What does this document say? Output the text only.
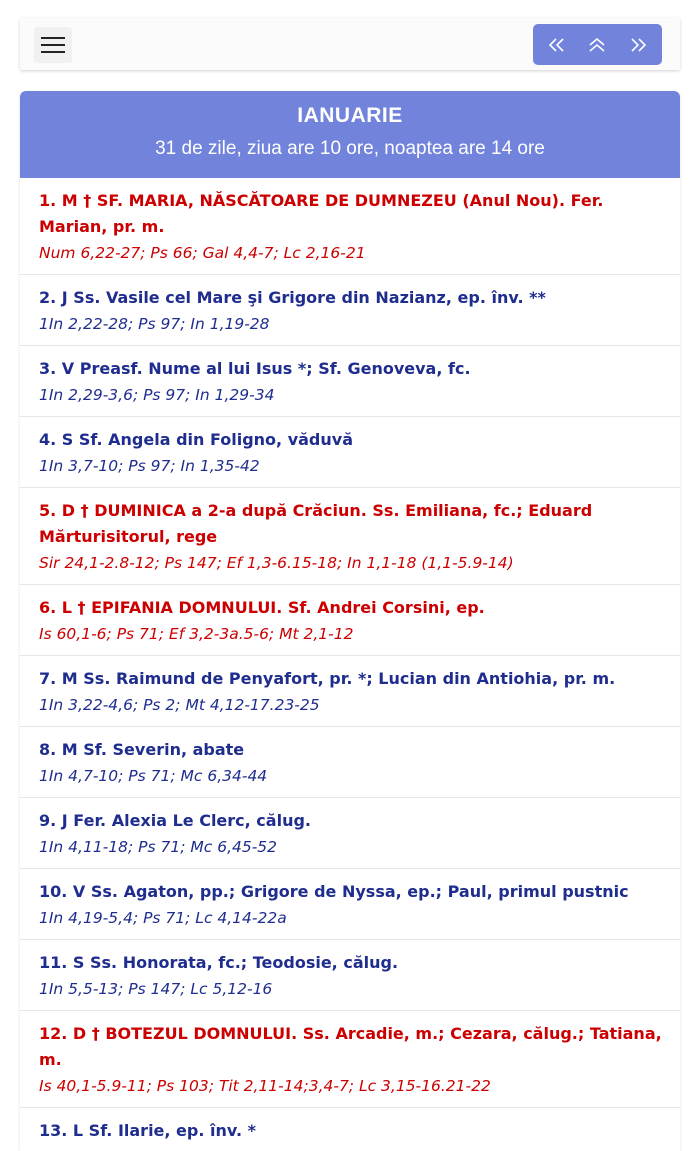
IANUARIE
31 de zile, ziua are 10 ore, noaptea are 14 ore
1. M † SF. MARIA, NĂSCĂTOARE DE DUMNEZEU (Anul Nou). Fer. Marian, pr. m.
Num 6,22-27; Ps 66; Gal 4,4-7; Lc 2,16-21
2. J Ss. Vasile cel Mare şi Grigore din Nazianz, ep. înv. **
1In 2,22-28; Ps 97; In 1,19-28
3. V Preasf. Nume al lui Isus *; Sf. Genoveva, fc.
1In 2,29-3,6; Ps 97; In 1,29-34
4. S Sf. Angela din Foligno, văduvă
1In 3,7-10; Ps 97; In 1,35-42
5. D † DUMINICA a 2-a după Crăciun. Ss. Emiliana, fc.; Eduard Mărturisitorul, rege
Sir 24,1-2.8-12; Ps 147; Ef 1,3-6.15-18; In 1,1-18 (1,1-5.9-14)
6. L † EPIFANIA DOMNULUI. Sf. Andrei Corsini, ep.
Is 60,1-6; Ps 71; Ef 3,2-3a.5-6; Mt 2,1-12
7. M Ss. Raimund de Penyafort, pr. *; Lucian din Antiohia, pr. m.
1In 3,22-4,6; Ps 2; Mt 4,12-17.23-25
8. M Sf. Severin, abate
1In 4,7-10; Ps 71; Mc 6,34-44
9. J Fer. Alexia Le Clerc, călug.
1In 4,11-18; Ps 71; Mc 6,45-52
10. V Ss. Agaton, pp.; Grigore de Nyssa, ep.; Paul, primul pustnic
1In 4,19-5,4; Ps 71; Lc 4,14-22a
11. S Ss. Honorata, fc.; Teodosie, călug.
1In 5,5-13; Ps 147; Lc 5,12-16
12. D † BOTEZUL DOMNULUI. Ss. Arcadie, m.; Cezara, călug.; Tatiana, m.
Is 40,1-5.9-11; Ps 103; Tit 2,11-14;3,4-7; Lc 3,15-16.21-22
13. L Sf. Ilarie, ep. înv. *
